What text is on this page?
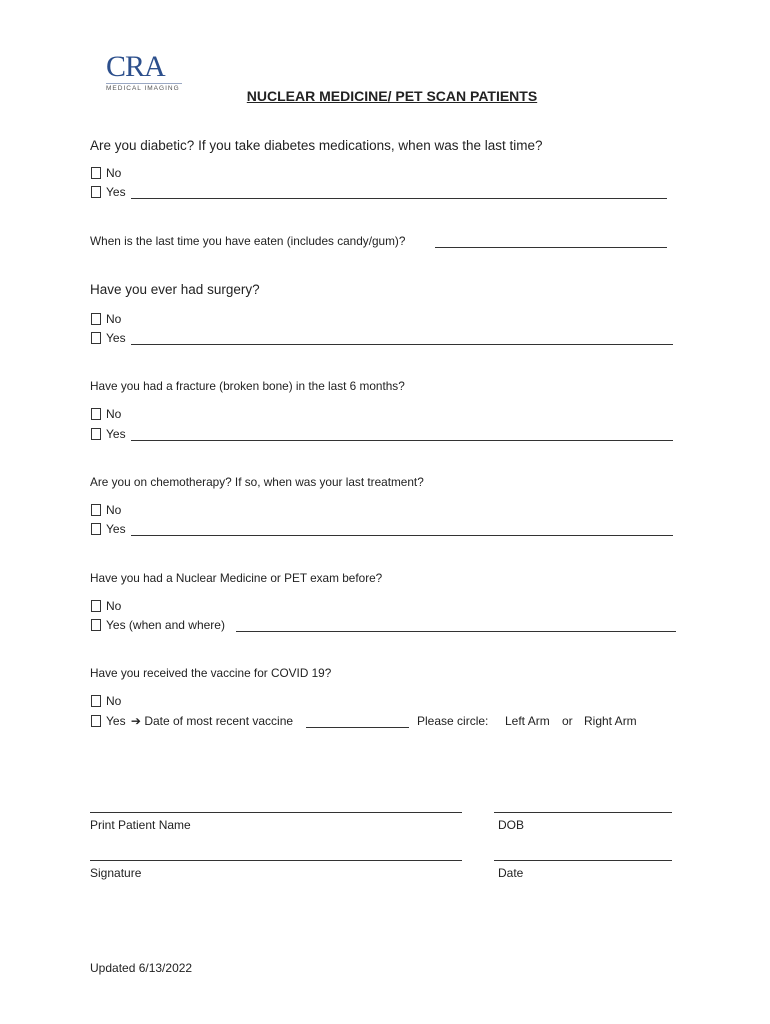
CRA
MEDICAL IMAGING	NUCLEAR MEDICINE/ PET SCAN PATIENTS
Are you diabetic? If you take diabetes medications, when was the last time?
No
Yes
When is the last time you have eaten (includes candy/gum)?
Have you ever had surgery?
No
Yes
Have you had a fracture (broken bone) in the last 6 months?
No
Yes
Are you on chemotherapy? If so, when was your last treatment?
No
Yes
Have you had a Nuclear Medicine or PET exam before?
No
Yes (when and where)
Have you received the vaccine for COVID 19?
No
Yes ➔ Date of most recent vaccine	Please circle: Left Arm or Right Arm
Print Patient Name	DOB
Signature	Date
Updated 6/13/2022
